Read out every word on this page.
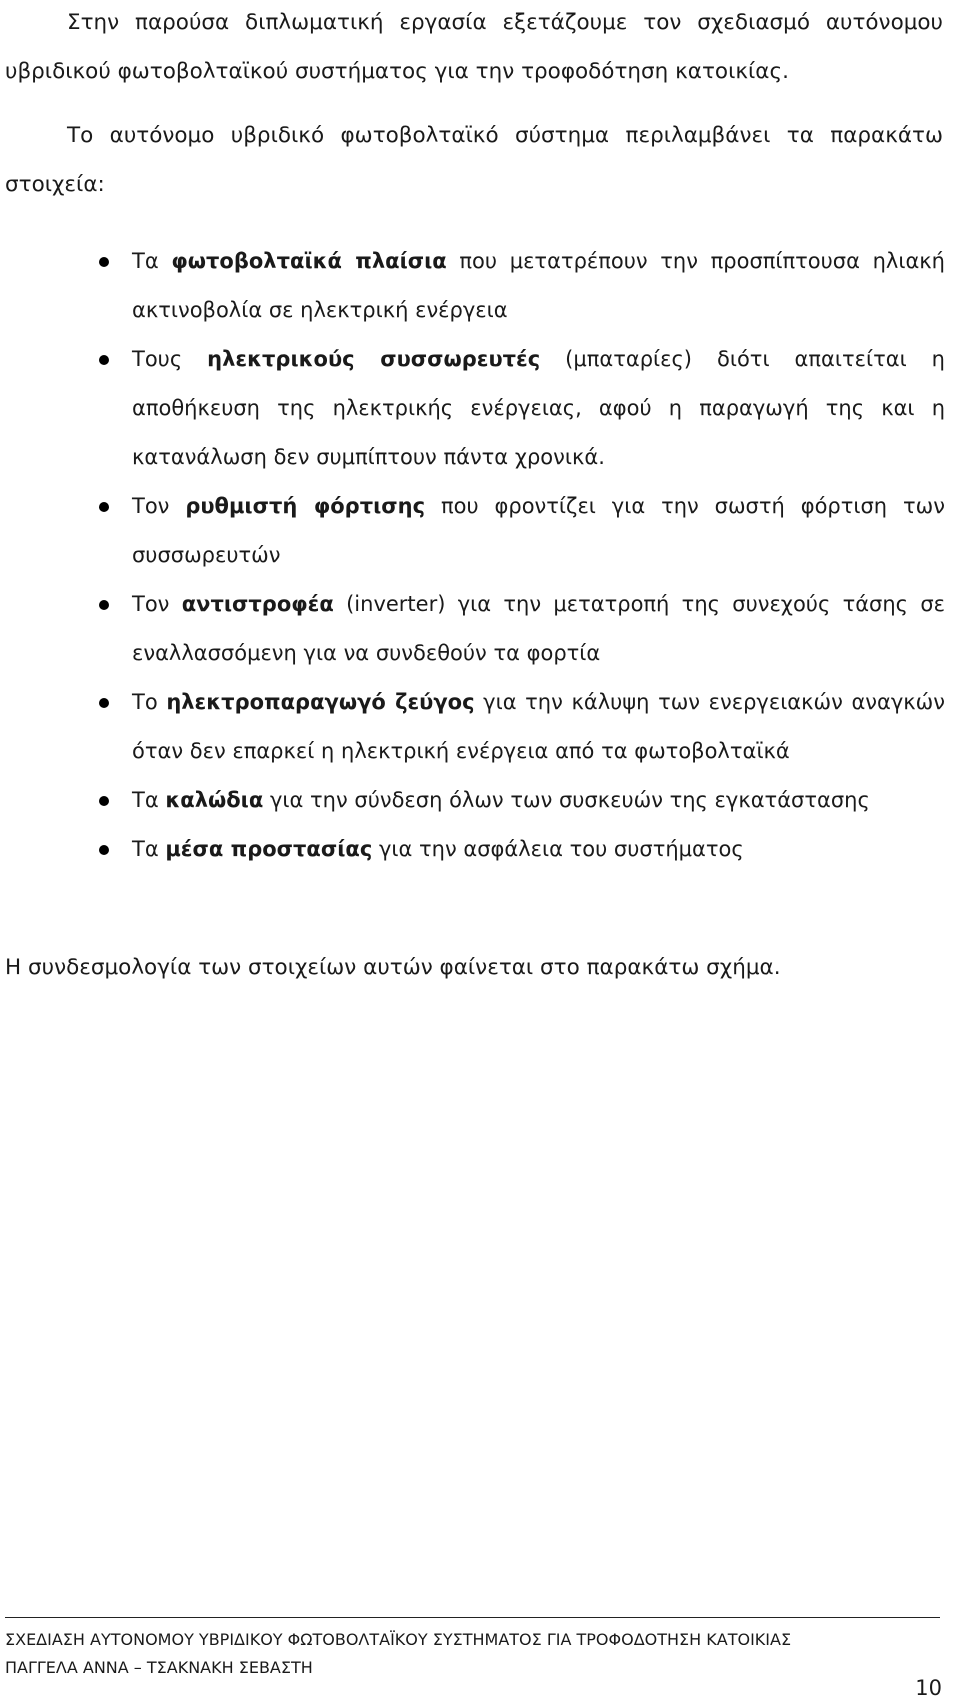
Στην παρούσα διπλωματική εργασία εξετάζουμε τον σχεδιασμό αυτόνομου υβριδικού φωτοβολταϊκού συστήματος για την τροφοδότηση κατοικίας.

Το αυτόνομο υβριδικό φωτοβολταϊκό σύστημα περιλαμβάνει τα παρακάτω στοιχεία:

Τα φωτοβολταϊκά πλαίσια που μετατρέπουν την προσπίπτουσα ηλιακή ακτινοβολία σε ηλεκτρική ενέργεια
Τους ηλεκτρικούς συσσωρευτές (μπαταρίες) διότι απαιτείται η αποθήκευση της ηλεκτρικής ενέργειας, αφού η παραγωγή της και η κατανάλωση δεν συμπίπτουν πάντα χρονικά.
Τον ρυθμιστή φόρτισης που φροντίζει για την σωστή φόρτιση των συσσωρευτών
Τον αντιστροφέα (inverter) για την μετατροπή της συνεχούς τάσης σε εναλλασσόμενη για να συνδεθούν τα φορτία
Το ηλεκτροπαραγωγό ζεύγος για την κάλυψη των ενεργειακών αναγκών όταν δεν επαρκεί η ηλεκτρική ενέργεια από τα φωτοβολταϊκά
Τα καλώδια για την σύνδεση όλων των συσκευών της εγκατάστασης
Τα μέσα προστασίας για την ασφάλεια του συστήματος

Η συνδεσμολογία των στοιχείων αυτών φαίνεται στο παρακάτω σχήμα.

ΣΧΕΔΙΑΣΗ ΑΥΤΟΝΟΜΟΥ ΥΒΡΙΔΙΚΟΥ ΦΩΤΟΒΟΛΤΑΪΚΟΥ ΣΥΣΤΗΜΑΤΟΣ ΓΙΑ ΤΡΟΦΟΔΟΤΗΣΗ ΚΑΤΟΙΚΙΑΣ
ΠΑΓΓΕΛΑ ΑΝΝΑ – ΤΣΑΚΝΑΚΗ ΣΕΒΑΣΤΗ
10
